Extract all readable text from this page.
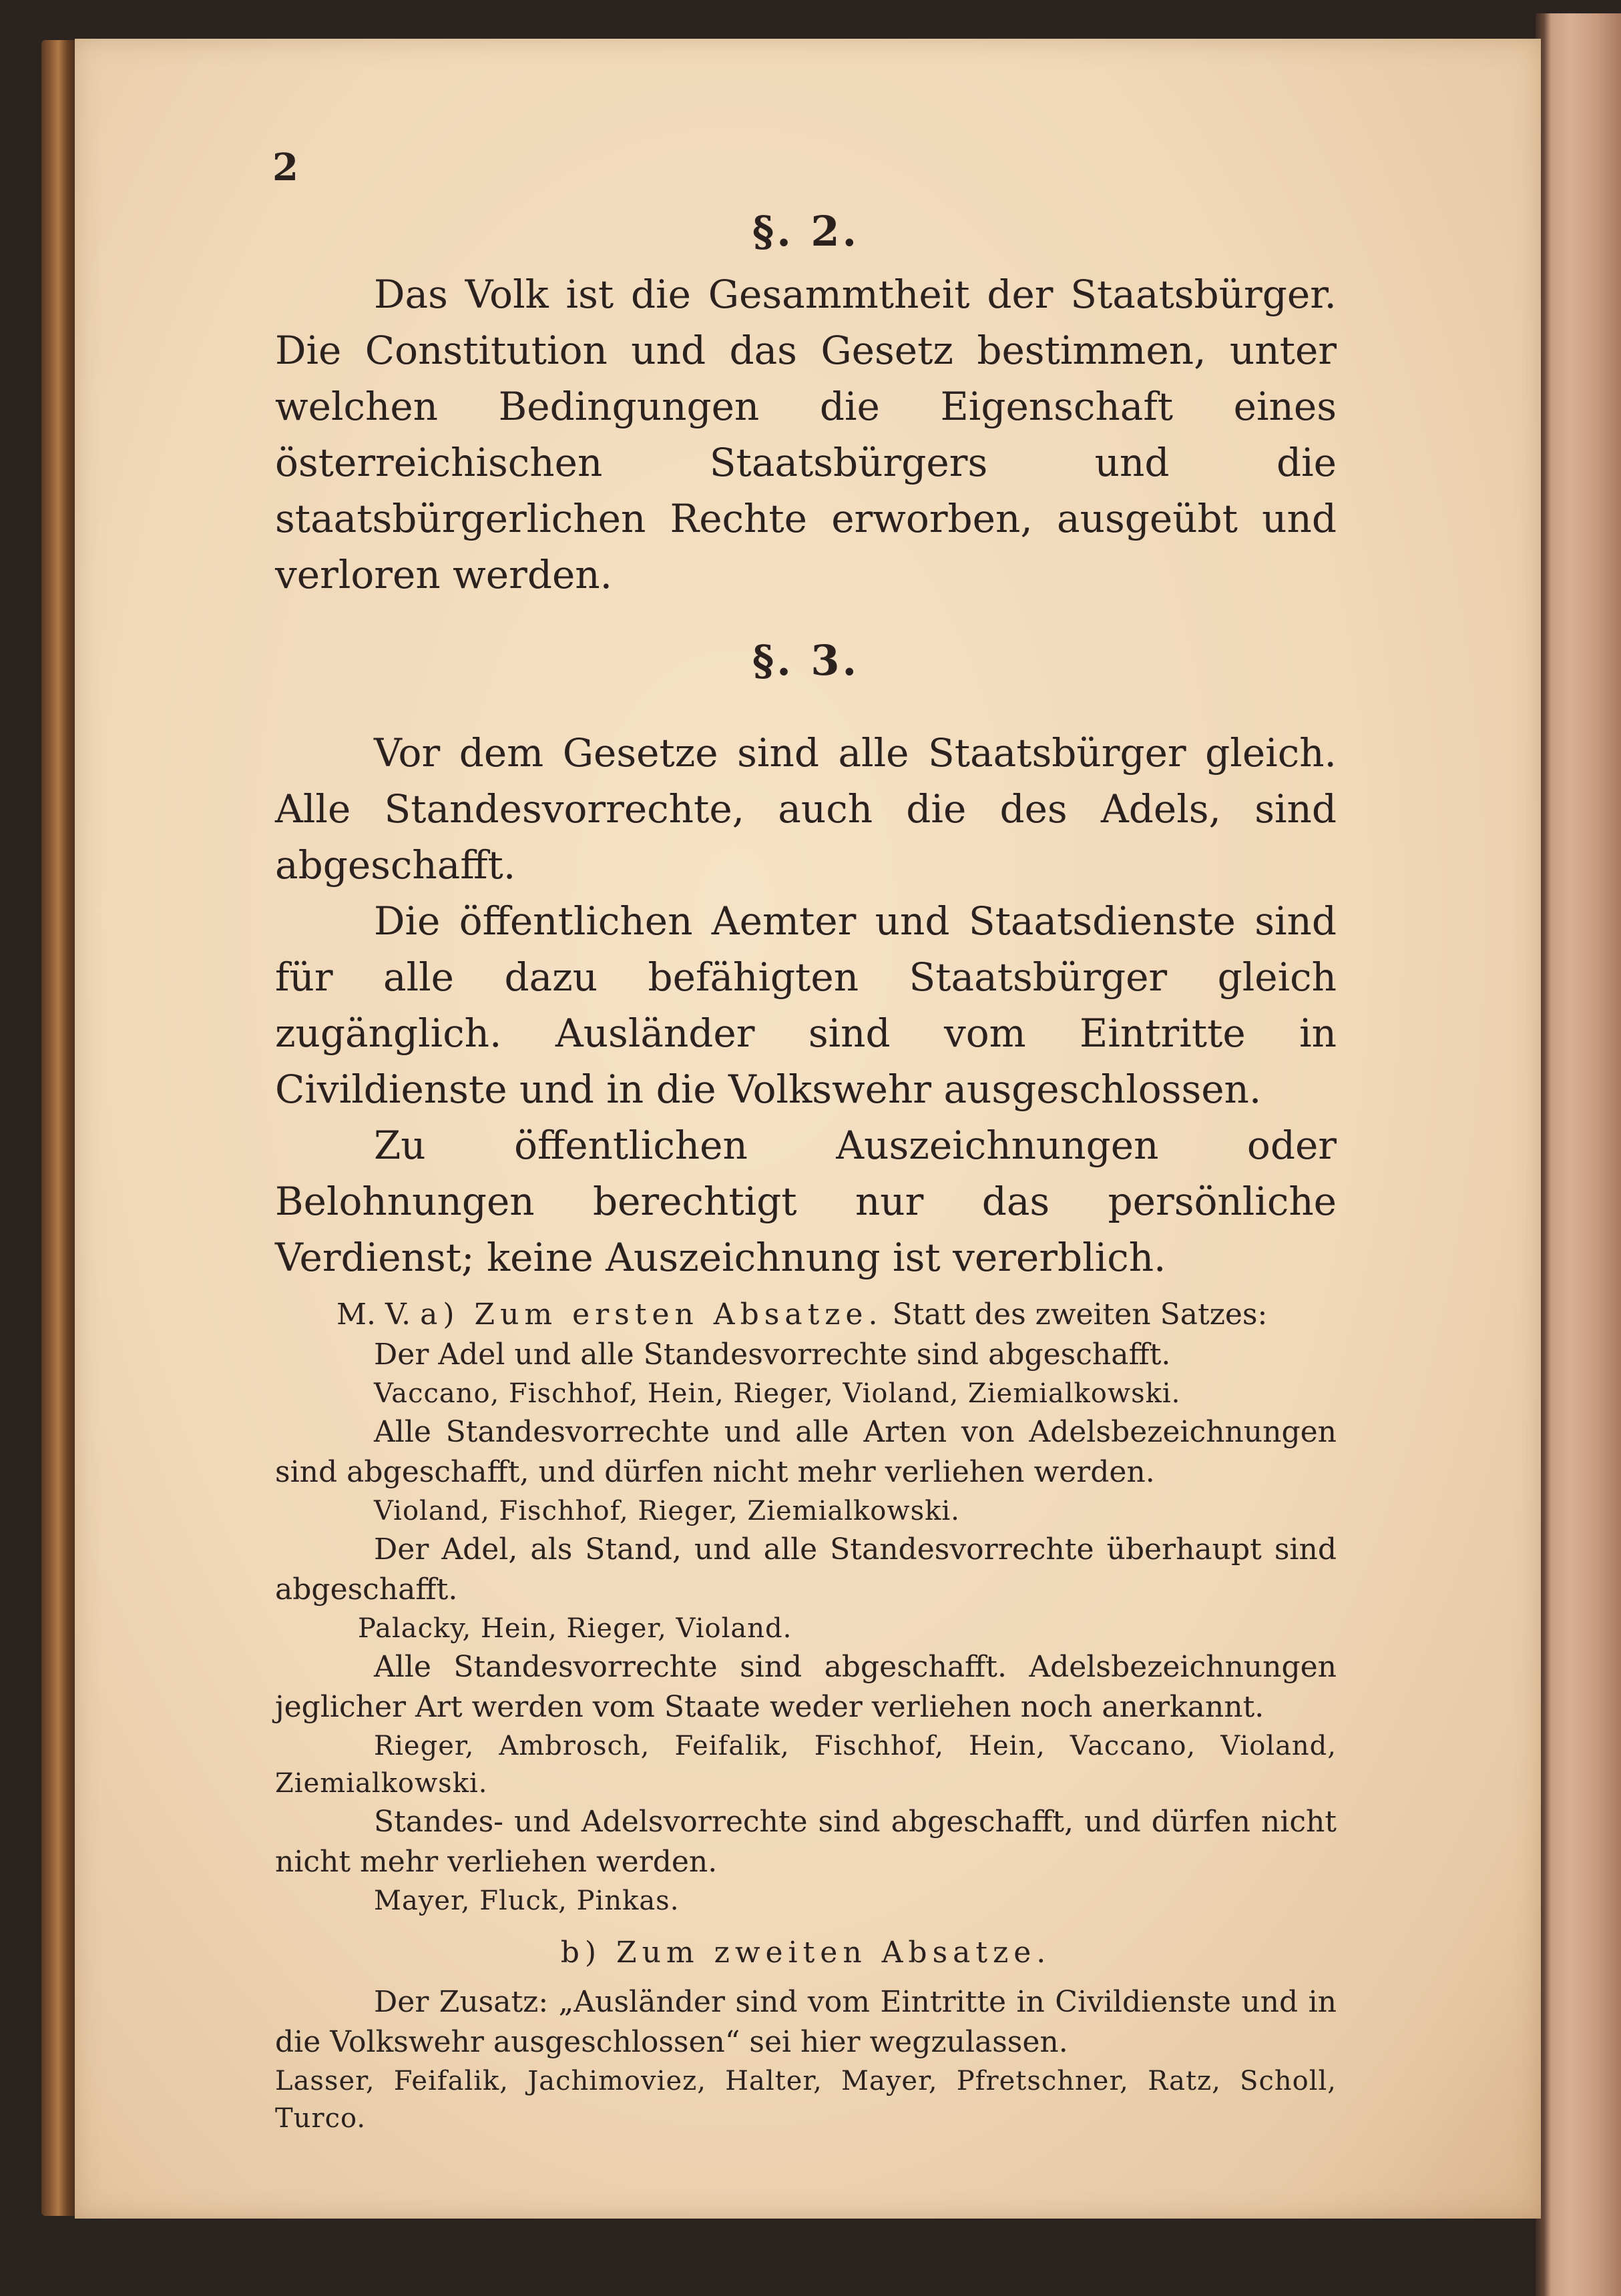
2
§. 2.

Das Volk ist die Gesammtheit der Staatsbürger. Die Constitution und das Gesetz bestimmen, unter welchen Bedingungen die Eigenschaft eines österreichischen Staatsbürgers und die staatsbürgerlichen Rechte erworben, ausgeübt und verloren werden.

§. 3.

Vor dem Gesetze sind alle Staatsbürger gleich. Alle Standesvorrechte, auch die des Adels, sind abgeschafft.

Die öffentlichen Aemter und Staatsdienste sind für alle dazu befähigten Staatsbürger gleich zugänglich. Ausländer sind vom Eintritte in Civildienste und in die Volkswehr ausgeschlossen.

Zu öffentlichen Auszeichnungen oder Belohnungen berechtigt nur das persönliche Verdienst; keine Auszeichnung ist vererblich.

M. V. a) Zum ersten Absatze. Statt des zweiten Satzes:

Der Adel und alle Standesvorrechte sind abgeschafft.

Vaccano, Fischhof, Hein, Rieger, Violand, Ziemialkowski.

Alle Standesvorrechte und alle Arten von Adelsbezeichnungen sind abgeschafft, und dürfen nicht mehr verliehen werden.

Violand, Fischhof, Rieger, Ziemialkowski.

Der Adel, als Stand, und alle Standesvorrechte überhaupt sind abgeschafft.

Palacky, Hein, Rieger, Violand.

Alle Standesvorrechte sind abgeschafft. Adelsbezeichnungen jeglicher Art werden vom Staate weder verliehen noch anerkannt.

Rieger, Ambrosch, Feifalik, Fischhof, Hein, Vaccano, Violand, Ziemialkowski.

Standes- und Adelsvorrechte sind abgeschafft, und dürfen nicht nicht mehr verliehen werden.

Mayer, Fluck, Pinkas.

b) Zum zweiten Absatze.

Der Zusatz: „Ausländer sind vom Eintritte in Civildienste und in die Volkswehr ausgeschlossen“ sei hier wegzulassen.

Lasser, Feifalik, Jachimoviez, Halter, Mayer, Pfretschner, Ratz, Scholl, Turco.
